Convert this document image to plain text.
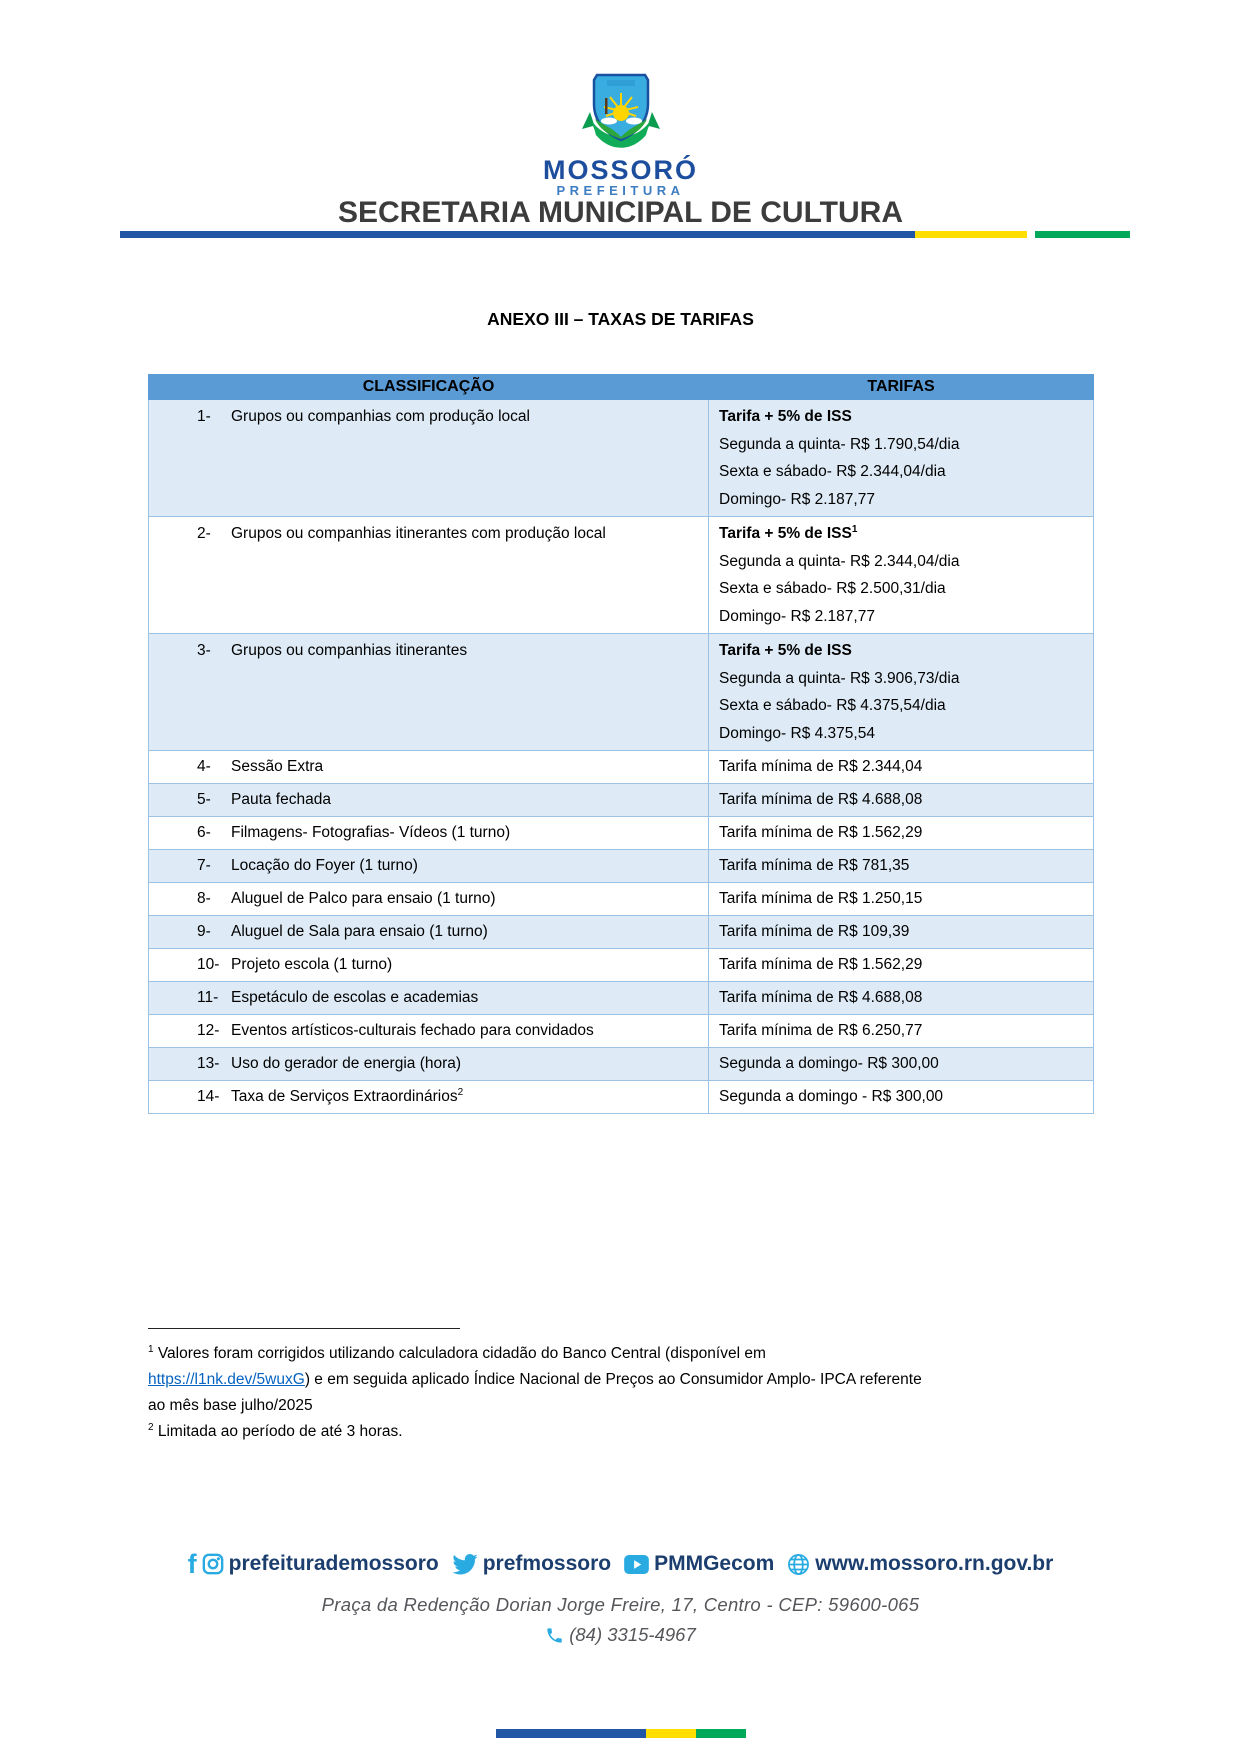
MOSSORÓ
PREFEITURA
SECRETARIA MUNICIPAL DE CULTURA
ANEXO III – TAXAS DE TARIFAS
CLASSIFICAÇÃO	TARIFAS
1- Grupos ou companhias com produção local	Tarifa + 5% de ISS
Segunda a quinta- R$ 1.790,54/dia
Sexta e sábado- R$ 2.344,04/dia
Domingo- R$ 2.187,77

2- Grupos ou companhias itinerantes com produção local	Tarifa + 5% de ISS$^1$
Segunda a quinta- R$ 2.344,04/dia
Sexta e sábado- R$ 2.500,31/dia
Domingo- R$ 2.187,77

3- Grupos ou companhias itinerantes	Tarifa + 5% de ISS
Segunda a quinta- R$ 3.906,73/dia
Sexta e sábado- R$ 4.375,54/dia
Domingo- R$ 4.375,54

4- Sessão Extra	Tarifa mínima de R$ 2.344,04

5- Pauta fechada	Tarifa mínima de R$ 4.688,08

6- Filmagens- Fotografias- Vídeos (1 turno)	Tarifa mínima de R$ 1.562,29

7- Locação do Foyer (1 turno)	Tarifa mínima de R$ 781,35

8- Aluguel de Palco para ensaio (1 turno)	Tarifa mínima de R$ 1.250,15

9- Aluguel de Sala para ensaio (1 turno)	Tarifa mínima de R$ 109,39

10- Projeto escola (1 turno)	Tarifa mínima de R$ 1.562,29

11- Espetáculo de escolas e academias	Tarifa mínima de R$ 4.688,08

12- Eventos artísticos-culturais fechado para convidados	Tarifa mínima de R$ 6.250,77

13- Uso do gerador de energia (hora)	Segunda a domingo- R$ 300,00

14- Taxa de Serviços Extraordinários$^2$	Segunda a domingo - R$ 300,00

$^1$ Valores foram corrigidos utilizando calculadora cidadão do Banco Central (disponível em
https://l1nk.dev/5wuxG) e em seguida aplicado Índice Nacional de Preços ao Consumidor Amplo- IPCA referente
ao mês base julho/2025

$^2$ Limitada ao período de até 3 horas.

f prefeiturademossoro prefmossoro PMMGecom www.mossoro.rn.gov.br
Praça da Redenção Dorian Jorge Freire, 17, Centro - CEP: 59600-065
(84) 3315-4967
